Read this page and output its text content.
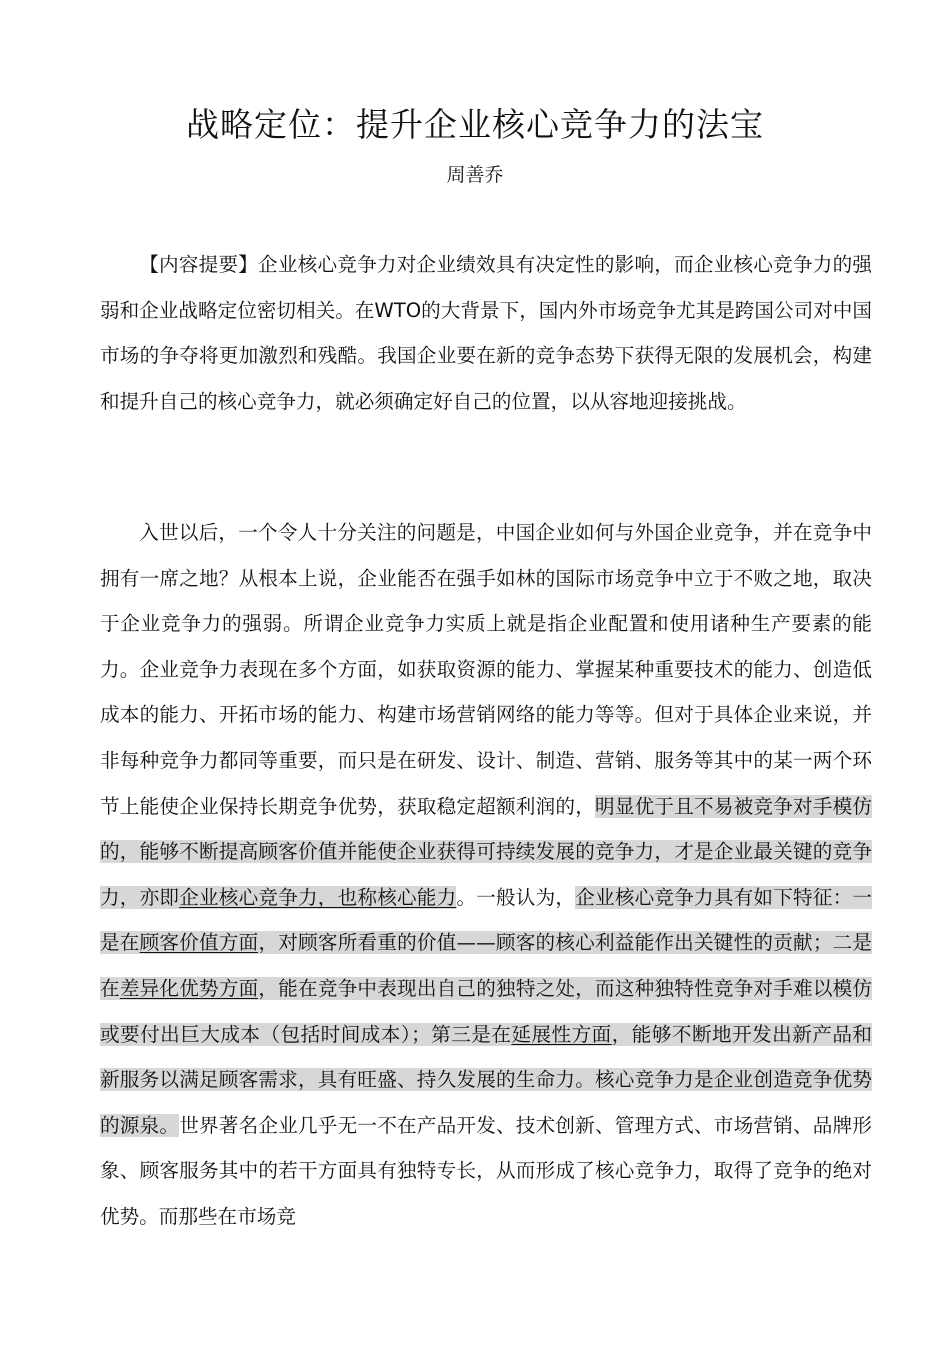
战略定位：提升企业核心竞争力的法宝
周善乔

【内容提要】企业核心竞争力对企业绩效具有决定性的影响，而企业核心竞争力的强弱和企业战略定位密切相关。在WTO的大背景下，国内外市场竞争尤其是跨国公司对中国市场的争夺将更加激烈和残酷。我国企业要在新的竞争态势下获得无限的发展机会，构建和提升自己的核心竞争力，就必须确定好自己的位置，以从容地迎接挑战。

入世以后，一个令人十分关注的问题是，中国企业如何与外国企业竞争，并在竞争中拥有一席之地？从根本上说，企业能否在强手如林的国际市场竞争中立于不败之地，取决于企业竞争力的强弱。所谓企业竞争力实质上就是指企业配置和使用诸种生产要素的能力。企业竞争力表现在多个方面，如获取资源的能力、掌握某种重要技术的能力、创造低成本的能力、开拓市场的能力、构建市场营销网络的能力等等。但对于具体企业来说，并非每种竞争力都同等重要，而只是在研发、设计、制造、营销、服务等其中的某一两个环节上能使企业保持长期竞争优势，获取稳定超额利润的，明显优于且不易被竞争对手模仿的，能够不断提高顾客价值并能使企业获得可持续发展的竞争力，才是企业最关键的竞争力，亦即企业核心竞争力，也称核心能力。一般认为，企业核心竞争力具有如下特征：一是在顾客价值方面，对顾客所看重的价值——顾客的核心利益能作出关键性的贡献；二是在差异化优势方面，能在竞争中表现出自己的独特之处，而这种独特性竞争对手难以模仿或要付出巨大成本（包括时间成本）；第三是在延展性方面，能够不断地开发出新产品和新服务以满足顾客需求，具有旺盛、持久发展的生命力。核心竞争力是企业创造竞争优势的源泉。世界著名企业几乎无一不在产品开发、技术创新、管理方式、市场营销、品牌形象、顾客服务其中的若干方面具有独特专长，从而形成了核心竞争力，取得了竞争的绝对优势。而那些在市场竞
